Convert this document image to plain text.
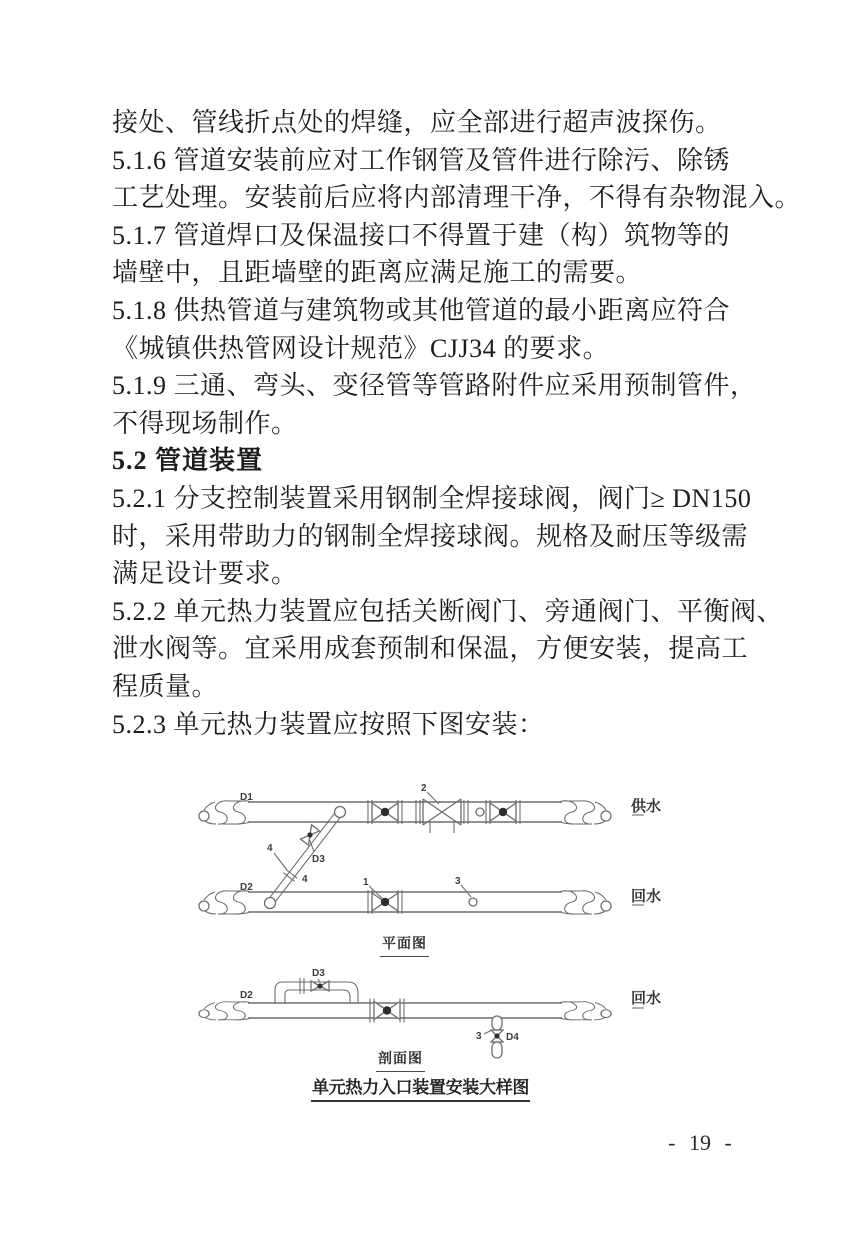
接处、管线折点处的焊缝，应全部进行超声波探伤。
5.1.6 管道安装前应对工作钢管及管件进行除污、除锈
工艺处理。安装前后应将内部清理干净，不得有杂物混入。
5.1.7 管道焊口及保温接口不得置于建（构）筑物等的
墙壁中，且距墙壁的距离应满足施工的需要。
5.1.8 供热管道与建筑物或其他管道的最小距离应符合
《城镇供热管网设计规范》CJJ34 的要求。
5.1.9 三通、弯头、变径管等管路附件应采用预制管件，
不得现场制作。
5.2 管道装置
5.2.1 分支控制装置采用钢制全焊接球阀，阀门≥ DN150
时，采用带助力的钢制全焊接球阀。规格及耐压等级需
满足设计要求。
5.2.2 单元热力装置应包括关断阀门、旁通阀门、平衡阀、
泄水阀等。宜采用成套预制和保温，方便安装，提高工
程质量。
5.2.3 单元热力装置应按照下图安装：
D1
D2
2
1	3
4
4
D3
供水
回水
平面图
D2
D3
3 D4
回水
剖面图
单元热力入口装置安装大样图
- 19 -
